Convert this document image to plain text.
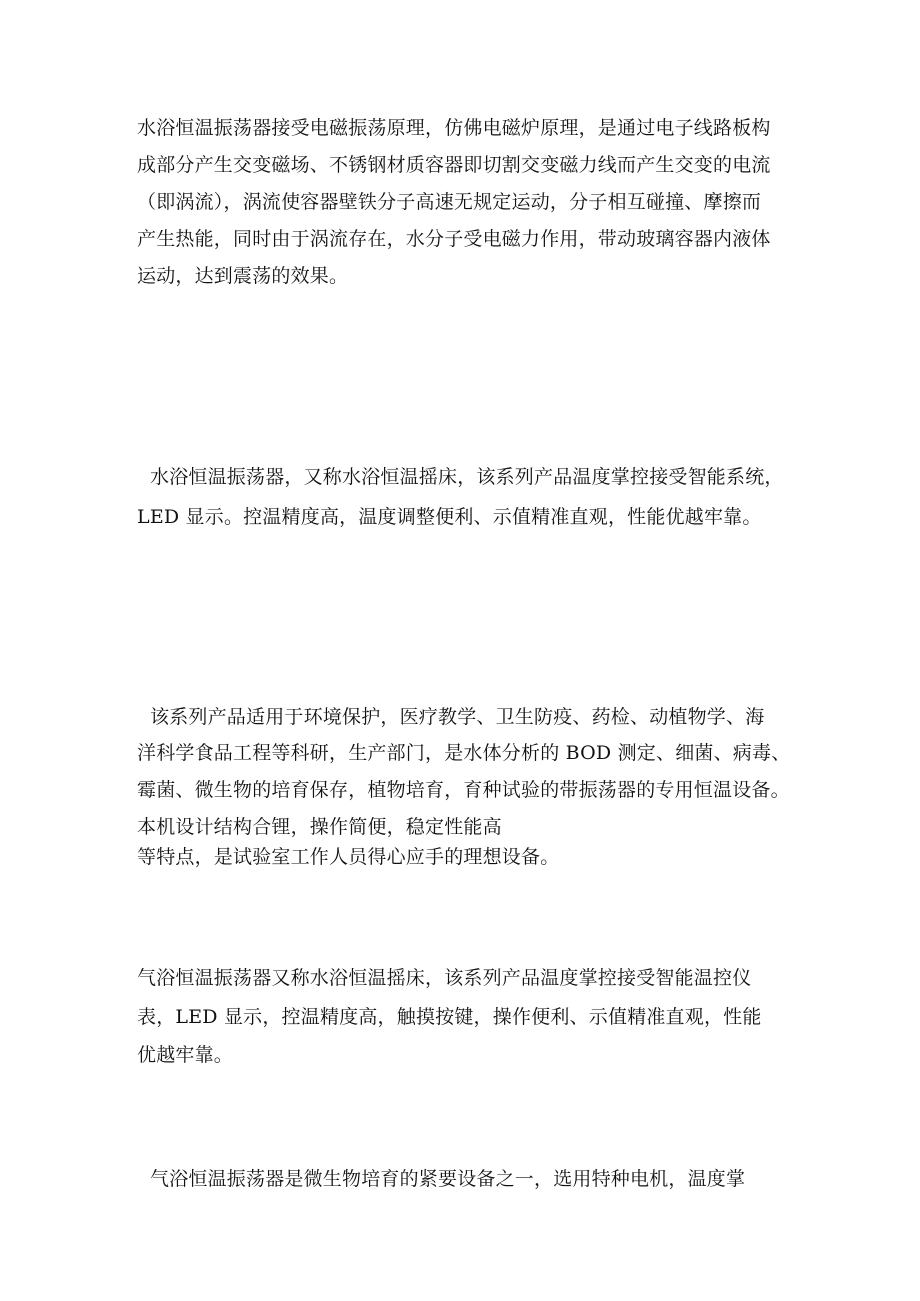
水浴恒温振荡器接受电磁振荡原理，仿佛电磁炉原理，是通过电子线路板构
成部分产生交变磁场、不锈钢材质容器即切割交变磁力线而产生交变的电流
（即涡流），涡流使容器壁铁分子高速无规定运动，分子相互碰撞、摩擦而
产生热能，同时由于涡流存在，水分子受电磁力作用，带动玻璃容器内液体
运动，达到震荡的效果。
水浴恒温振荡器，又称水浴恒温摇床，该系列产品温度掌控接受智能系统，
LED 显示。控温精度高，温度调整便利、示值精准直观，性能优越牢靠。
该系列产品适用于环境保护，医疗教学、卫生防疫、药检、动植物学、海
洋科学食品工程等科研，生产部门，是水体分析的 BOD 测定、细菌、病毒、
霉菌、微生物的培育保存，植物培育，育种试验的带振荡器的专用恒温设备。
本机设计结构合锂，操作简便，稳定性能高
等特点，是试验室工作人员得心应手的理想设备。
气浴恒温振荡器又称水浴恒温摇床，该系列产品温度掌控接受智能温控仪
表，LED 显示，控温精度高，触摸按键，操作便利、示值精准直观，性能
优越牢靠。
气浴恒温振荡器是微生物培育的紧要设备之一，选用特种电机，温度掌
